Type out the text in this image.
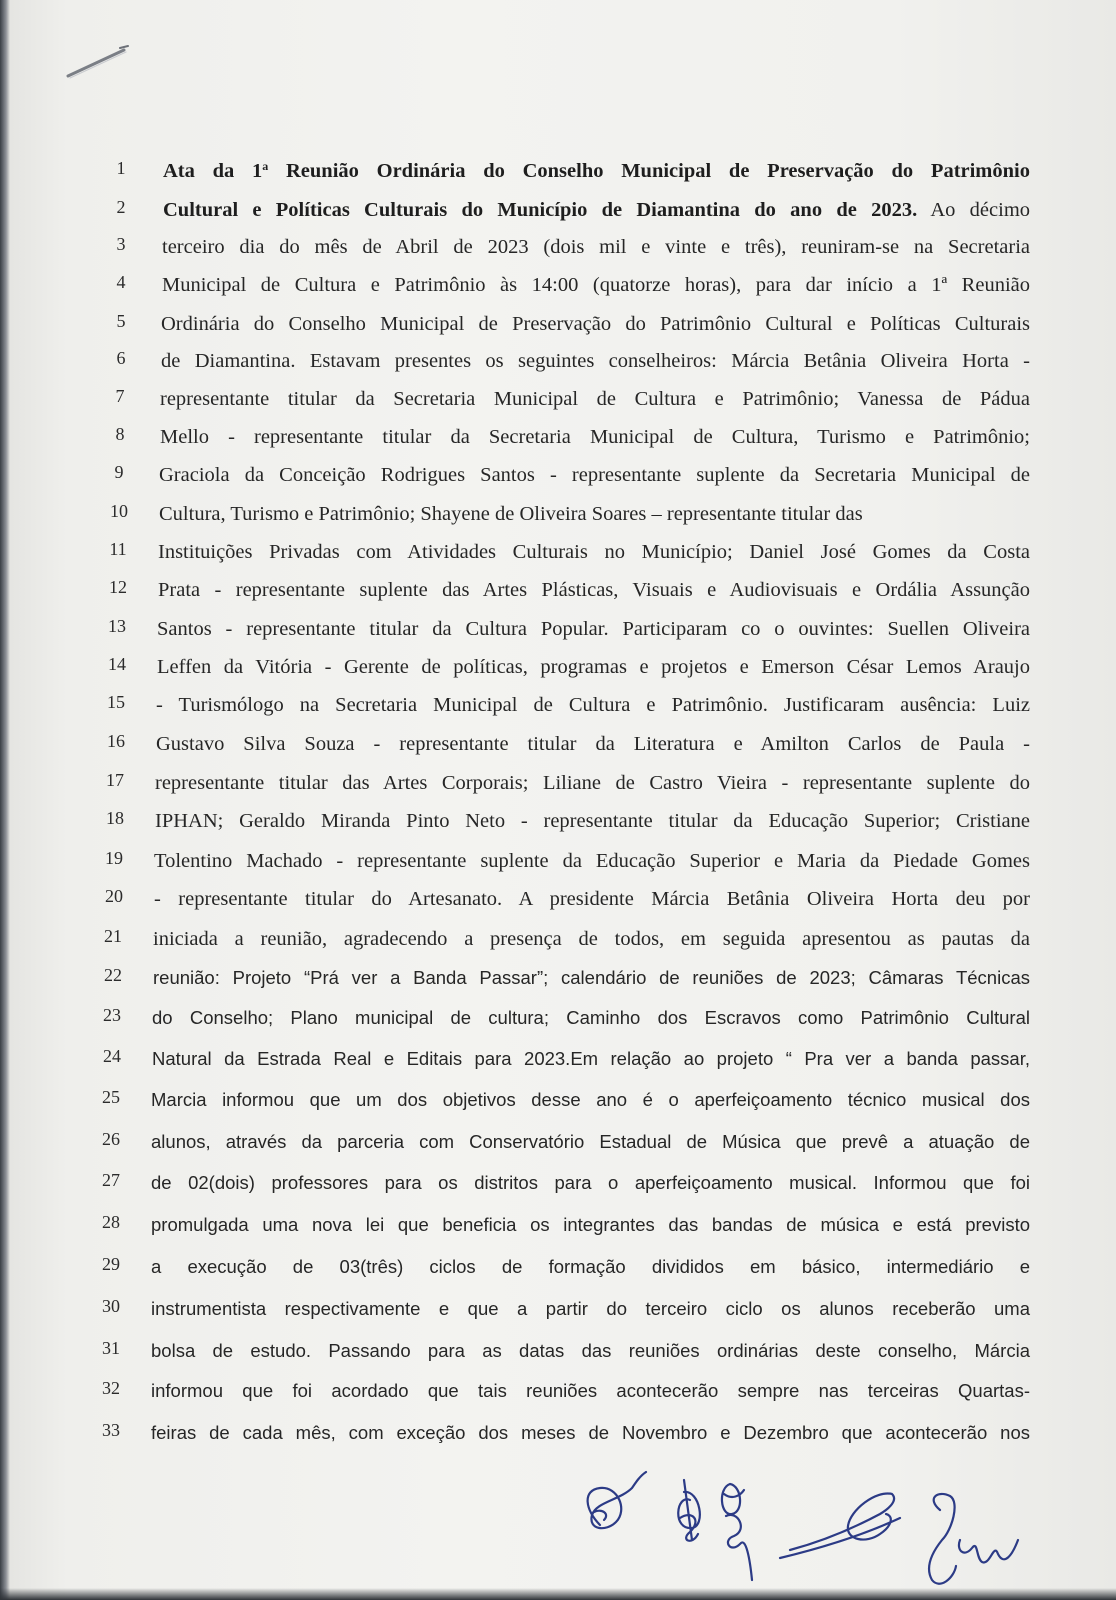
1	Ata da 1$^a$ Reunião Ordinária do Conselho Municipal de Preservação do Patrimônio
2	Cultural e Políticas Culturais do Município de Diamantina do ano de 2023. Ao décimo
3	terceiro dia do mês de Abril de 2023 (dois mil e vinte e três), reuniram-se na Secretaria
4	Municipal de Cultura e Patrimônio às 14:00 (quatorze horas), para dar início a 1ª Reunião
5	Ordinária do Conselho Municipal de Preservação do Patrimônio Cultural e Políticas Culturais
6	de Diamantina. Estavam presentes os seguintes conselheiros: Márcia Betânia Oliveira Horta -
7	representante titular da Secretaria Municipal de Cultura e Patrimônio; Vanessa de Pádua
8	Mello - representante titular da Secretaria Municipal de Cultura, Turismo e Patrimônio;
9	Graciola da Conceição Rodrigues Santos - representante suplente da Secretaria Municipal de
10	Cultura, Turismo e Patrimônio; Shayene de Oliveira Soares – representante titular das
11	Instituições Privadas com Atividades Culturais no Município; Daniel José Gomes da Costa
12	Prata - representante suplente das Artes Plásticas, Visuais e Audiovisuais e Ordália Assunção
13	Santos - representante titular da Cultura Popular. Participaram co o ouvintes: Suellen Oliveira
14	Leffen da Vitória - Gerente de políticas, programas e projetos e Emerson César Lemos Araujo
15	- Turismólogo na Secretaria Municipal de Cultura e Patrimônio. Justificaram ausência: Luiz
16	Gustavo Silva Souza - representante titular da Literatura e Amilton Carlos de Paula -
17	representante titular das Artes Corporais; Liliane de Castro Vieira - representante suplente do
18	IPHAN; Geraldo Miranda Pinto Neto - representante titular da Educação Superior; Cristiane
19	Tolentino Machado - representante suplente da Educação Superior e Maria da Piedade Gomes
20	- representante titular do Artesanato. A presidente Márcia Betânia Oliveira Horta deu por
21	iniciada a reunião, agradecendo a presença de todos, em seguida apresentou as pautas da
22	reunião: Projeto “Prá ver a Banda Passar”; calendário de reuniões de 2023; Câmaras Técnicas
23	do Conselho; Plano municipal de cultura; Caminho dos Escravos como Patrimônio Cultural
24	Natural da Estrada Real e Editais para 2023.Em relação ao projeto “ Pra ver a banda passar,
25	Marcia informou que um dos objetivos desse ano é o aperfeiçoamento técnico musical dos
26	alunos, através da parceria com Conservatório Estadual de Música que prevê a atuação de
27	de 02(dois) professores para os distritos para o aperfeiçoamento musical. Informou que foi
28	promulgada uma nova lei que beneficia os integrantes das bandas de música e está previsto
29	a execução de 03(três) ciclos de formação divididos em básico, intermediário e
30	instrumentista respectivamente e que a partir do terceiro ciclo os alunos receberão uma
31	bolsa de estudo. Passando para as datas das reuniões ordinárias deste conselho, Márcia
32	informou que foi acordado que tais reuniões acontecerão sempre nas terceiras Quartas-
33	feiras de cada mês, com exceção dos meses de Novembro e Dezembro que acontecerão nos
